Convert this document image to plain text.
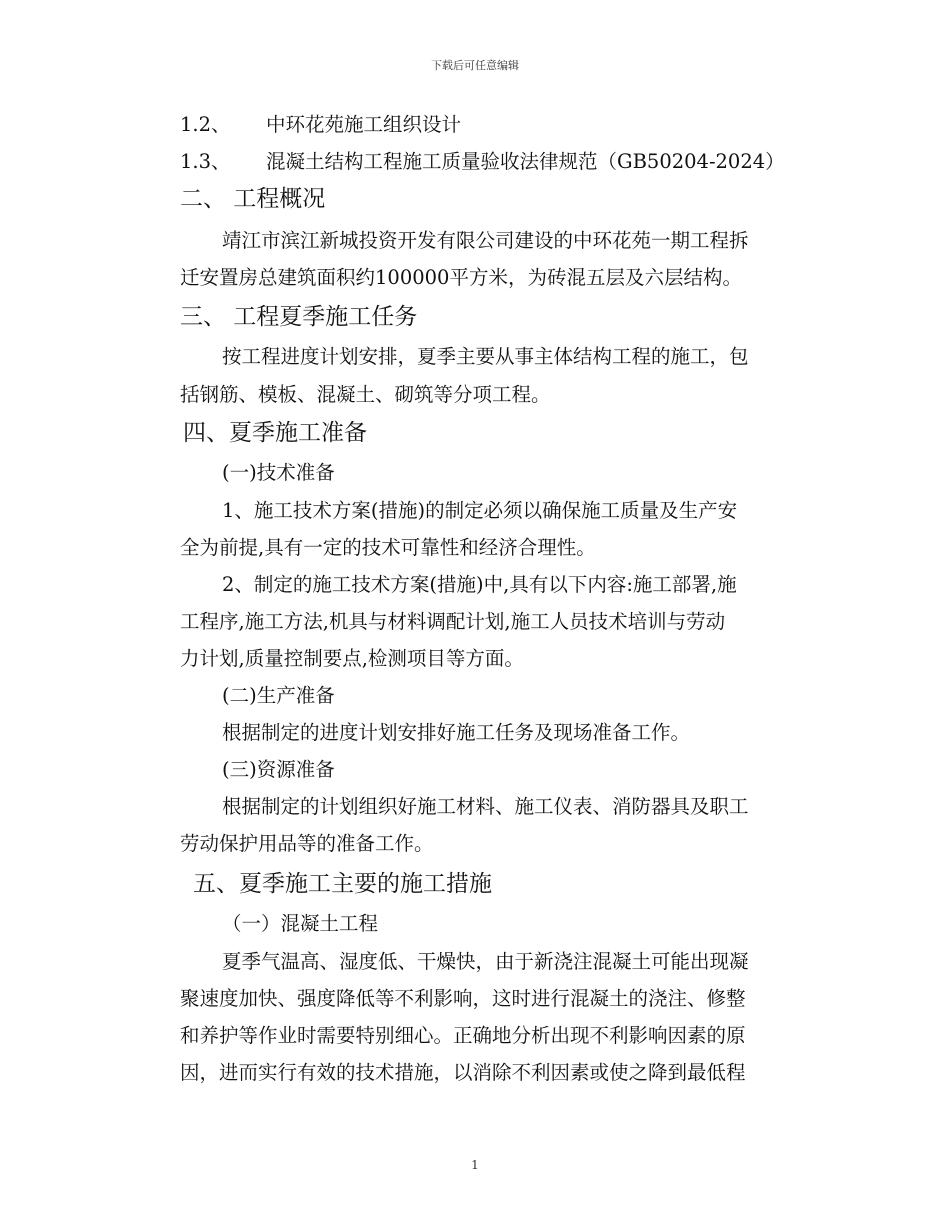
下载后可任意编辑
1.2、 中环花苑施工组织设计
1.3、 混凝土结构工程施工质量验收法律规范（GB50204-2024）
二、 工程概况
靖江市滨江新城投资开发有限公司建设的中环花苑一期工程拆
迁安置房总建筑面积约100000平方米，为砖混五层及六层结构。
三、 工程夏季施工任务
按工程进度计划安排，夏季主要从事主体结构工程的施工，包
括钢筋、模板、混凝土、砌筑等分项工程。
四、夏季施工准备
(一)技术准备
1、施工技术方案(措施)的制定必须以确保施工质量及生产安
全为前提,具有一定的技术可靠性和经济合理性。
2、制定的施工技术方案(措施)中,具有以下内容:施工部署,施
工程序,施工方法,机具与材料调配计划,施工人员技术培训与劳动
力计划,质量控制要点,检测项目等方面。
(二)生产准备
根据制定的进度计划安排好施工任务及现场准备工作。
(三)资源准备
根据制定的计划组织好施工材料、施工仪表、消防器具及职工
劳动保护用品等的准备工作。
五、夏季施工主要的施工措施
（一）混凝土工程
夏季气温高、湿度低、干燥快，由于新浇注混凝土可能出现凝
聚速度加快、强度降低等不利影响，这时进行混凝土的浇注、修整
和养护等作业时需要特别细心。正确地分析出现不利影响因素的原
因，进而实行有效的技术措施，以消除不利因素或使之降到最低程
1
